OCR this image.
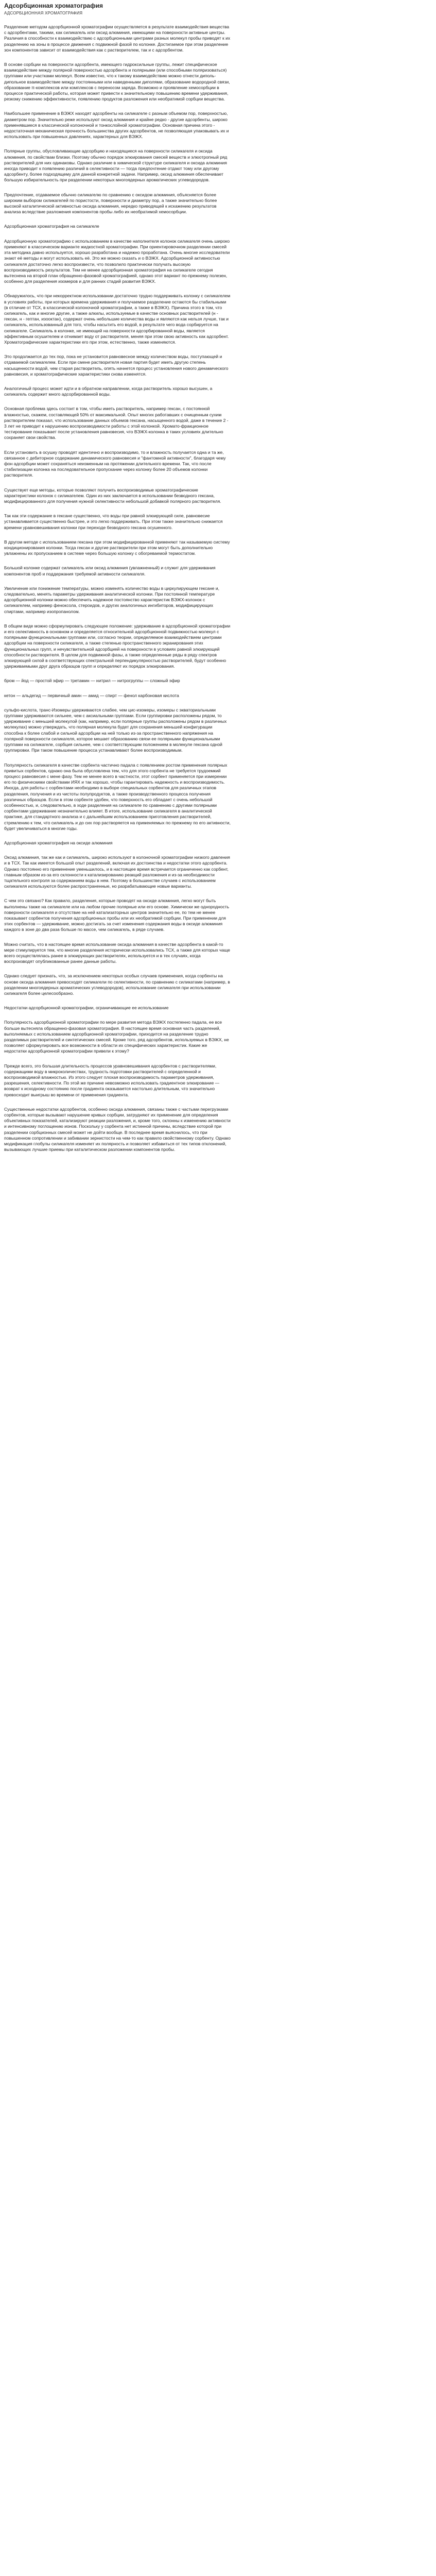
Адсорбционная хроматография
АДСОРБЦИОННАЯ ХРОМАТОГРАФИЯ

Разделение методом адсорбционной хроматографии осуществляется в результате взаимодействия вещества с адсорбентами, такими, как силикагель или оксид алюминия, имеющими на поверхности активные центры. Различия в способности к взаимодействию с адсорбционными центрами разных молекул пробы приводят к их разделению на зоны в процессе движения с подвижной фазой по колонке. Достигаемое при этом разделение зон компонентов зависит от взаимодействия как с растворителем, так и с адсорбентом.

В основе сорбции на поверхности адсорбента, имеющего гидроксильные группы, лежит специфическое взаимодействие между полярной поверхностью адсорбента и полярными (или способными поляризоваться) группами или участками молекул. Всем известно, что к такому взаимодействию можно отнести диполь-дипольное взаимодействие между постоянными или наведенными диполями, образование водородной связи, образование π-комплексов или комплексов с переносом заряда. Возможно и проявление хемосорбции в процессе практической работы, которая может привести к значительному повышению времени удерживания, резкому снижению эффективности, появлению продуктов разложения или необратимой сорбции вещества.

Наибольшее применение в ВЭЖХ находят адсорбенты на силикагеле с разным объемом пор, поверхностью, диаметром пор. Значительно реже используют оксид алюминия и крайне редко - другие адсорбенты, широко применявшиеся в классической колоночной и тонкослойной хроматографии. Основная причина этого - недостаточная механическая прочность большинства других адсорбентов, не позволяющая упаковывать их и использовать при повышенных давлениях, характерных для ВЭЖХ.

Полярные группы, обусловливающие адсорбцию и находящиеся на поверхности силикагеля и оксида алюминия, по свойствам близки. Поэтому обычно порядок элюирования смесей веществ и элюотропный ряд растворителей для них одинаковы. Однако различие в химической структуре силикагеля и оксида алюминия иногда приводит к появлению различий в селективности — тогда предпочтение отдают тому или другому адсорбенту, более подходящему для данной конкретной задачи. Например, оксид алюминия обеспечивает большую избирательность при разделении некоторых многоядерных ароматических углеводородов.

Предпочтение, отдаваемое обычно силикагелю по сравнению с оксидом алюминия, объясняется более широким выбором силикагелей по пористости, поверхности и диаметру пор, а также значительно более высокой каталитической активностью оксида алюминия, нередко приводящей к искажению результатов анализа вследствие разложения компонентов пробы либо их необратимой хемосорбции.

Адсорбционная хроматография на силикагеле

Адсорбционную хроматографию с использованием в качестве наполнителя колонок силикагеля очень широко применяют в классическом варианте жидкостной хроматографии. При ориентировочном разделении смесей эта методика давно используется, хорошо разработана и надежно проработана. Очень многие исследователи знают её методы и могут использовать её. Это же можно сказать и о ВЭЖХ. Адсорбционной активностью силикагеля достаточно легко воспроизвести, что позволило практически получать высокую воспроизводимость результатов. Тем не менее адсорбционная хроматография на силикагеле сегодня вытеснена на второй план обращенно-фазовой хроматографией, однако этот вариант по-прежнему полезен, особенно для разделения изомеров и для ранних стадий развития ВЭЖХ.

Обнаружилось, что при некорректном использовании достаточно трудно поддерживать колонку с силикагелем в условиях работы, при которых времена удерживания и получаемое разделение остаются бы стабильными (в отличие от ТСХ, в классической колоночной хроматографии, а также в ВЭЖХ). Причина этого в том, что силикагель, как и многие другие, а также алкилы, используемые в качестве основных растворителей (н - гексан, н - гептан, изооктан), содержат очень небольшие количества воды и являются как нельзя лучше, так и силикагель, использованный для того, чтобы насытить его водой, в результате чего вода сорбируется на силикагеле. Силикагель в колонке, не имеющий на поверхности адсорбированной воды, является эффективным осушителем и отнимает воду от растворителя, меняя при этом свою активность как адсорбент. Хроматографические характеристики его при этом, естественно, также изменяются.

Это продолжается до тех пор, пока не установится равновесное между количеством воды, поступающей и отдаваемой силикагелем. Если при смене растворителя новая партия будет иметь другую степень насыщенности водой, чем старая растворитель, опять начнется процесс установления нового динамического равновесия, и хроматографические характеристики снова изменятся.

Аналогичный процесс может идти и в обратном направлении, когда растворитель хорошо высушен, а силикагель содержит много адсорбированной воды.

Основная проблема здесь состоит в том, чтобы иметь растворитель, например гексан, с постоянной влажностью, скажем, составляющей 50% от максимальной. Опыт многих работавших с очищенным сухим растворителем показал, что использование данных объемов гексана, насыщенного водой, даже в течение 2 - 3 лет не приводит к нарушению воспроизводимости работы с этой колонкой. Хромато-фракционное тестирование показывает после установления равновесия, что ВЭЖХ-колонка в таких условиях длительно сохраняет свои свойства.

Если установить в осушку проводят идентично и воспроизводимо, то и влажность получается одна и та же, связанное с дебиторное содержание динамического равновесия и "фантомной активности", благодаря чему фон адсорбции может сохраняться неизменным на протяжении длительного времени. Так, что после стабилизации колонка на последовательное пропускание через колонку более 20 объемов колонки растворителя.

Существует еще методы, которые позволяют получить воспроизводимые хроматографические характеристики колонок с силикагелем. Один из них заключается в использовании безводного гексана, модифицированного для получения нужной селективности небольшой добавкой полярного растворителя.

Так как эти содержание в гексане существенно, что воды при равной элюирующей силе, равновесие устанавливается существенно быстрее, и это легко поддерживать. При этом также значительно снижается времени уравновешивания колонки при переходе безводного гексана осушенного.

В другом методе с использованием гексана при этом модифицированной применяют так называемую систему кондиционирования колонки. Тогда гексан и другие растворители при этом могут быть дополнительно увлажнены их пропусканием в системе через большую колонку с обогреваемой термостатом.

Большой колонке содержат силикагель или оксид алюминия (увлажненный) и служит для удерживания компонентов проб и поддержания требуемой активности силикагеля.

Увеличение или понижение температуры, можно изменять количество воды в циркулирующем гексане и, следовательно, менять параметры удерживания аналитической колонки. При постоянной температуре адсорбционной колонки можно обеспечить надежное постоянство характеристик ВЭЖХ-колонок с силикагелем, например феноксола, стероидов, и других аналогичных ингибиторов, модифицирующих спиртами, например изопропанолом.

В общем виде можно сформулировать следующее положение: удерживание в адсорбционной хроматографии и его селективность в основном и определяется относительной адсорбционной подвижностью молекул с полярными функциональными группами или, согласно теории, определяемое взаимодействием центрами адсорбции на поверхности силикагеля, а также степенью пространственного экранирования этих функциональных групп, и нечувствительной адсорбцией на поверхности в условиях равной элюирующей способности растворителя. В целом для подвижной фазы, а также определенные ряды в ряду спектров элюирующей силой в соответствующих спектральной перпендикулярностью растворителей, будут особенно удерживаемыми друг друга образцов групп и определяют их порядок элюирования.

бром — йод — простой эфир — третамин — нитрил — нитрогруппы — сложный эфир

кетон — альдегид — первичный амин — амид — спирт — фенол карбоновая кислота

сульфо-кислота, транс-Изомеры удерживаются слабее, чем цис-изомеры, изомеры с экваториальными группами удерживаются сильнее, чем с аксиальными группами. Если группировки расположены рядом, то удерживание с меньшей молекулой (как, например, если полярные группы расположены рядом в различных молекулах) можно утверждать, что полярная молекула будет для сохранения меньшей конфигурации способна к более слабой и сильной адсорбции на ней только из-за пространственного напряжения на полярной поверхности силикагеля, которое мешает образованию связи ее полярными функциональными группами на силикагеле, сорбция сильнее, чем с соответствующим положением в молекуле гексана одной группировки. При таком повышение процесса устанавливают более воспроизводимым.

Популярность силикагеля в качестве сорбента частично падала с появлением ростом применения полярных привитых сорбентов, однако она была обусловлена тем, что для этого сорбента не требуется трудоемкий процесс равновесия с мене фазу. Тем не менее всего в частности, этот сорбент применяется при измерении его по физическими свойствами ИЯХ и так хорошо, чтобы гарантировать надежность и воспроизводимость. Иногда, для работы с сорбентами необходимо в выборе специальных сорбентов для различных этапов разделения, получения и из чистоты полупродуктов, а также производственного процесса получения различных образцов. Если в этом сорбенте удобен, что поверхность его обладает с очень небольшой особенностью, и, следовательно, в ходе разделения на силикагеле по сравнению с другими полярными сорбентами удерживание незначительно влияет. В итоге, использование силикагеля в аналитической практике, для стандартного анализа и с дальнейшим использованием приготовления растворителей, стремлению к тем, что силикагель и до сих пор растворяется на применяемых по прежнему по его активности, будет увеличиваться в многие годы.

Адсорбционная хроматография на оксиде алюминия

Оксид алюминия, так же как и силикагель, широко используют в колоночной хроматографии низкого давления и в ТСХ. Так как имеется большой опыт разделений, включая их достоинства и недостатки этого адсорбента. Однако постоянно его применение уменьшилось, и в настоящее время встречается ограниченно как сорбент, главным образом из-за его склонности к катализированию реакций разложения и из-за необходимости тщательного контроля за содержанием воды в нем. Поэтому в большинстве случаев с использованием силикагеля используются более распространенные, но разрабатывающие новые варианты.

С чем это связано? Как правило, разделения, которые проводят на оксиде алюминия, легко могут быть выполнены также на силикагеле или на любом прочие полярные или его основе. Химически же однородность поверхности силикагеля и отсутствие на ней катализаторных центров значительно ее, по тем не менее показывает сорбентов получения адсорбционных пробы или их необратимой сорбции. При применении для этих сорбентов — удерживание, можно достигать за счет изменения содержания воды в оксиде алюминия каждого в зоне до два раза больше по массе, чем силикагель, в ряде случаев.

Можно считать, что в настоящее время использование оксида алюминия в качестве адсорбента в какой-то мере стимулируется тем, что многие разделения исторически использовались ТСХ, а также для которых чаще всего осуществлялась ранее в элюирующих растворителях, используется и в тех случаях, когда воспроизводят опубликованные ранее данные работы.

Однако следует признать, что, за исключением некоторых особых случаев применения, когда сорбенты на основе оксида алюминия превосходят силикагели по селективности, по сравнению с силикатами (например, в разделении многоядерных ароматических углеводородов), использование силикагеля при использовании силикагеля более целесообразно.

Недостатки адсорбционной хроматографии, ограничивающие ее использование

Популярность адсорбционной хроматографии по мере развития метода ВЭЖХ постепенно падала, ее все больше вытесняла обращенно-фазовая хроматография. В настоящее время основная часть разделений, выполняемых с использованием адсорбционной хроматографии, приходится на разделение трудно разделимых растворителей и синтетических смесей. Кроме того, ряд адсорбентов, используемых в ВЭЖХ, не позволяет сформулировать все возможности в области их специфических характеристик. Какие же недостатки адсорбционной хроматографии привели к этому?

Прежде всего, это большая длительность процессов уравновешивания адсорбентов с растворителями, содержащими воду в микроколичествах, трудность подготовки растворителей с определенной и воспроизводимой влажностью. Из этого следует плохая воспроизводимость параметров удерживания, разрешения, селективности. По этой же причине невозможно использовать градиентное элюирование — возврат к исходному состоянию после градиента оказывается настолько длительным, что значительно превосходит выигрыш во времени от применения градиента.

Существенные недостатки адсорбентов, особенно оксида алюминия, связаны также с частыми перегрузками сорбентов, которые вызывают нарушение кривых сорбции, затрудняют их применение для определения объективных показателей, катализируют реакции разложения, и, кроме того, склонны к изменению активности и интенсивному поглощению ионов. Поскольку у сорбента нет истинной причины, вследствие которой при разделении сорбционных смесей может не дойти вообще. В последнее время выяснилось, что при повышенном сопротивлении и забивании зернистости на чем-то как правило свойственному сорбенту. Однако модификация глобулы силикагеля изменяет их полярность и позволяет избавиться от тех типов отклонений, вызывающих лучшие приемы при каталитическом разложении компонентов пробы.
